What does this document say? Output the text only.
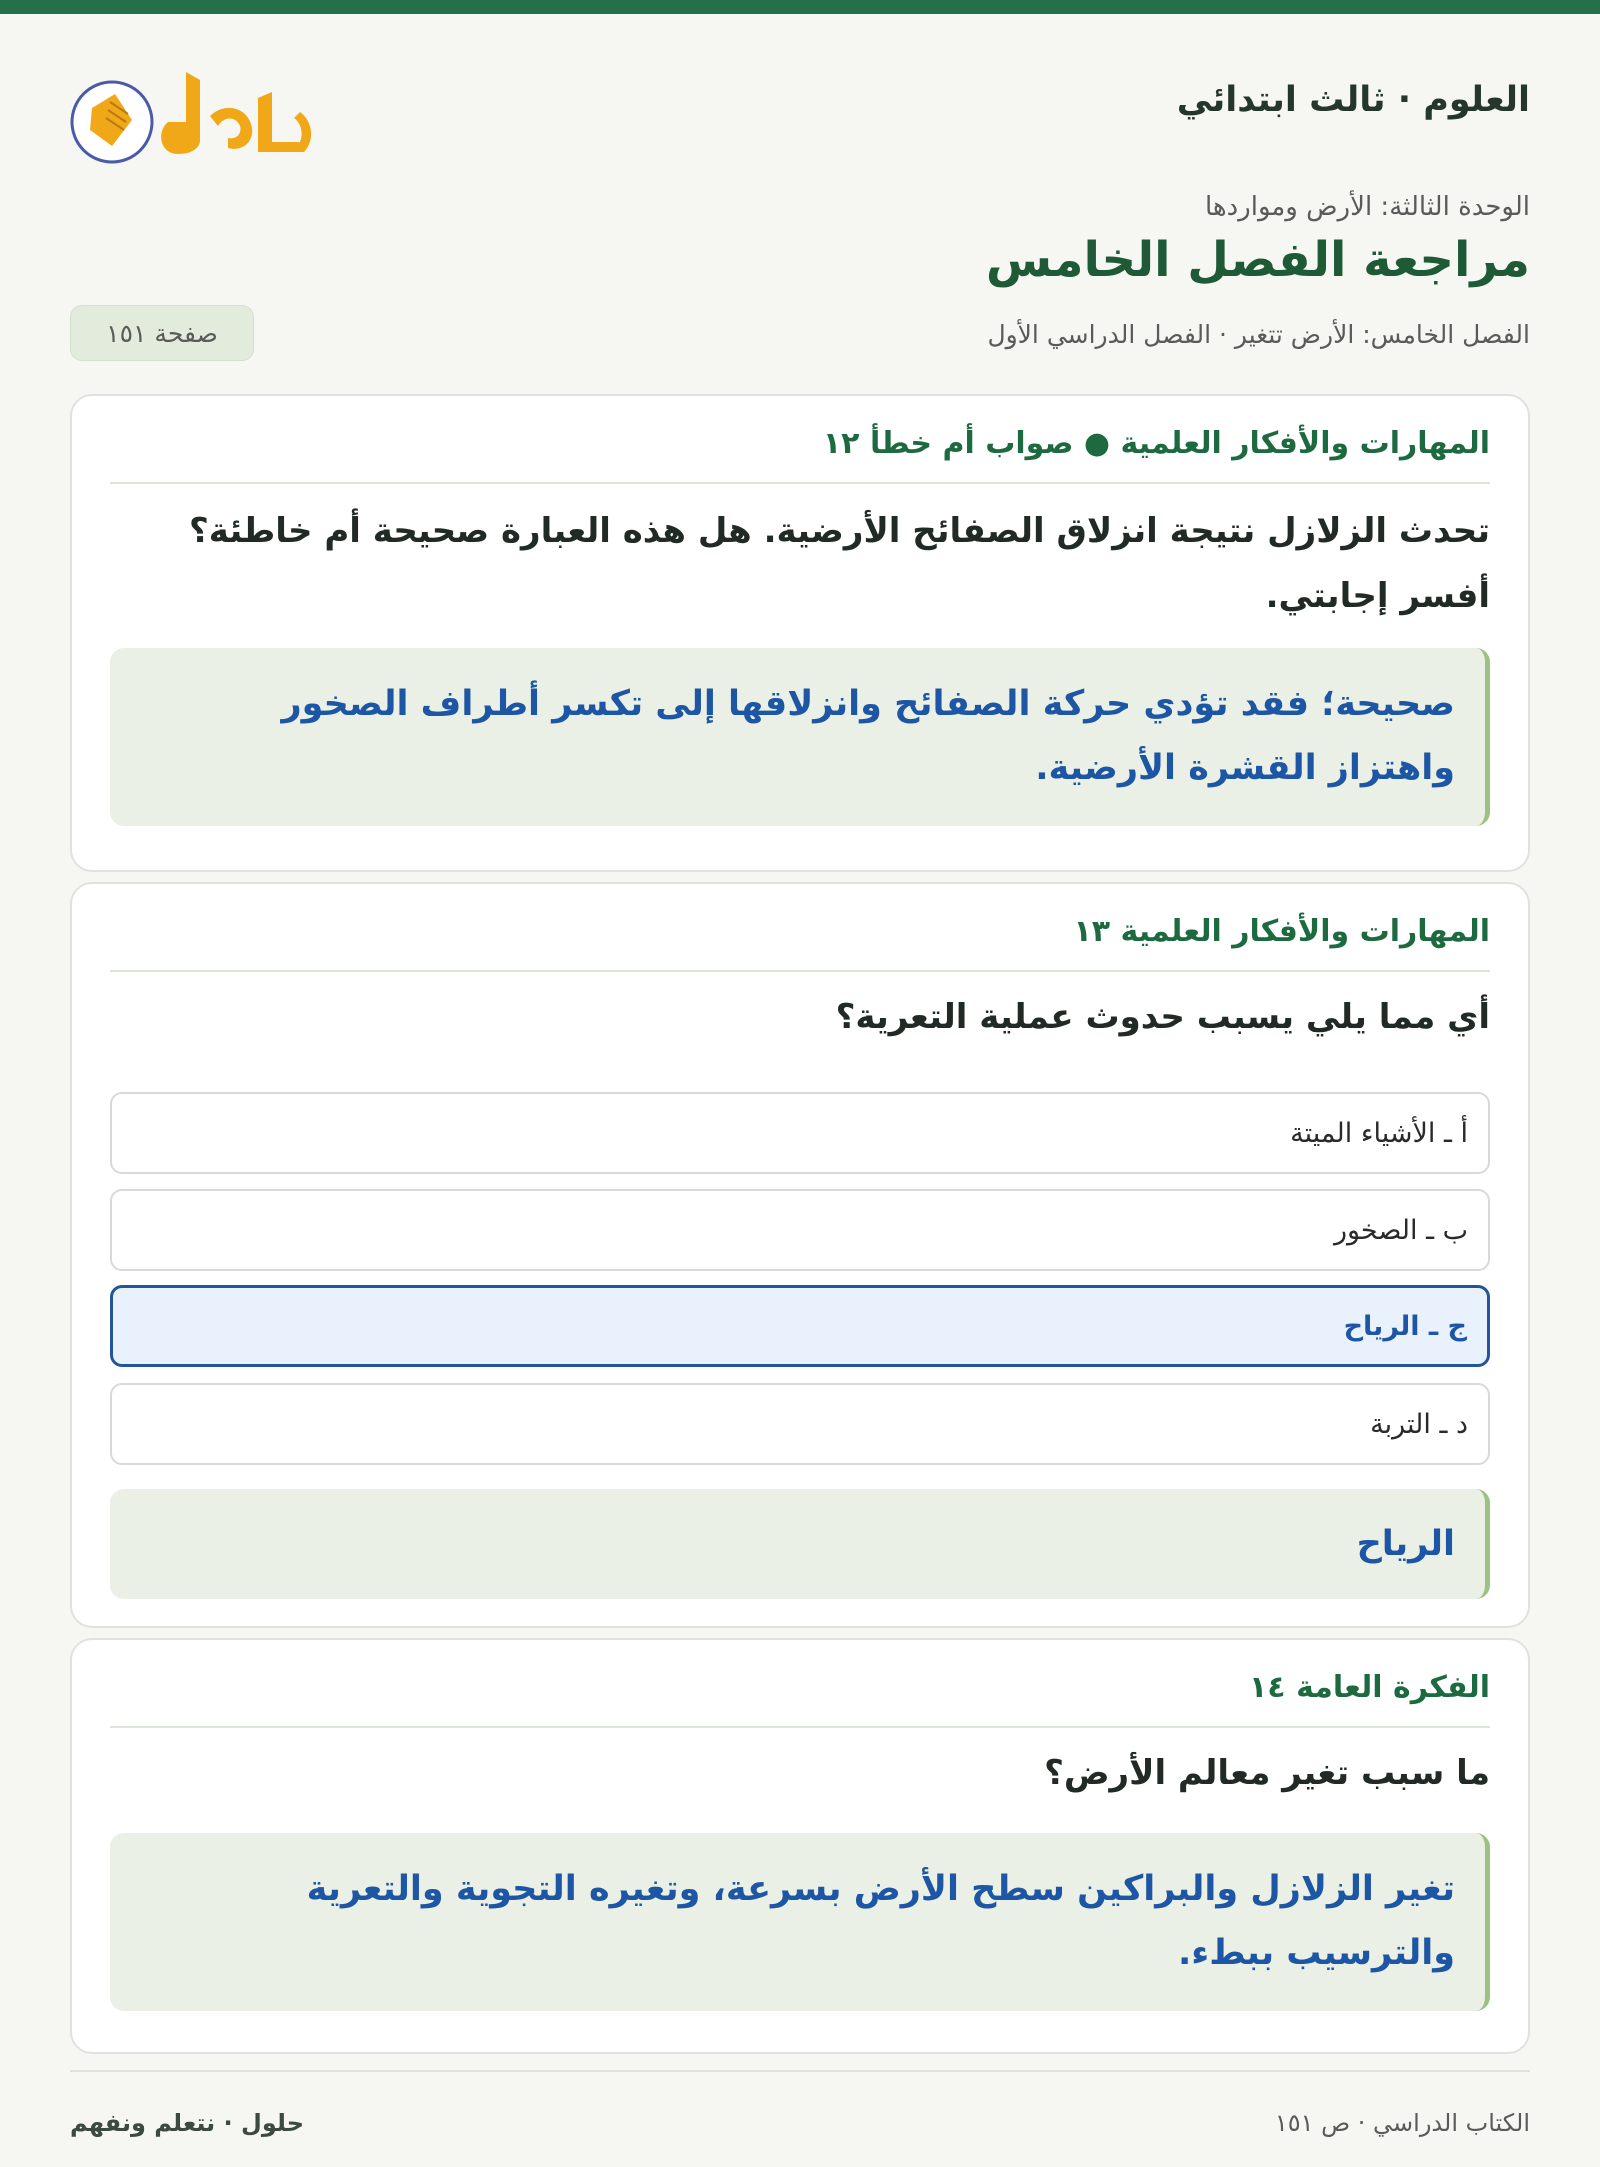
العلوم · ثالث ابتدائي
الوحدة الثالثة: الأرض ومواردها
مراجعة الفصل الخامس
الفصل الخامس: الأرض تتغير · الفصل الدراسي الأول
صفحة ١٥١
المهارات والأفكار العلمية ● صواب أم خطأ ١٢
تحدث الزلازل نتيجة انزلاق الصفائح الأرضية. هل هذه العبارة صحيحة أم خاطئة؟
أفسر إجابتي.
صحيحة؛ فقد تؤدي حركة الصفائح وانزلاقها إلى تكسر أطراف الصخور
واهتزاز القشرة الأرضية.
المهارات والأفكار العلمية ١٣
أي مما يلي يسبب حدوث عملية التعرية؟
أ ـ الأشياء الميتة
ب ـ الصخور
ج ـ الرياح
د ـ التربة
الرياح
الفكرة العامة ١٤
ما سبب تغير معالم الأرض؟
تغير الزلازل والبراكين سطح الأرض بسرعة، وتغيره التجوية والتعرية
والترسيب ببطء.
الكتاب الدراسي · ص ١٥١
حلول · نتعلم ونفهم
